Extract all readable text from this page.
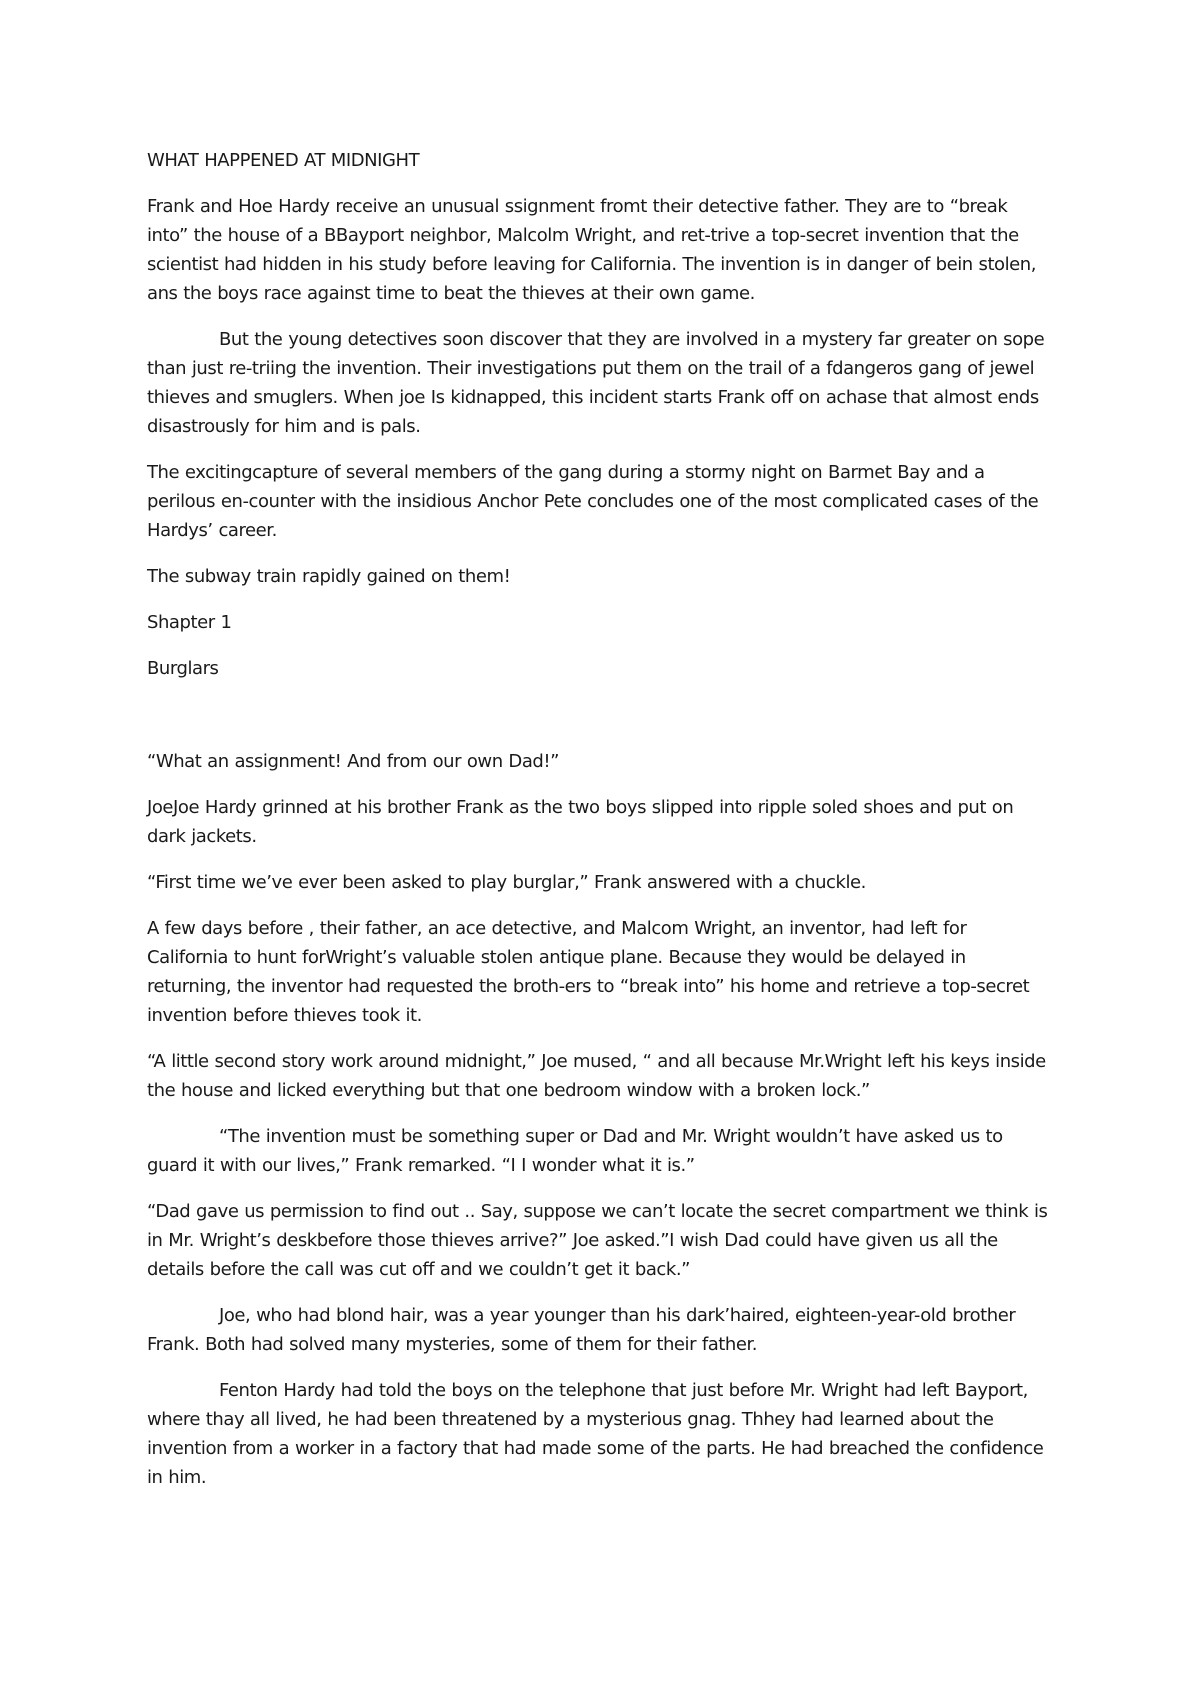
WHAT HAPPENED AT MIDNIGHT

Frank and Hoe Hardy receive an unusual ssignment fromt their detective father. They are to “break into” the house of a BBayport neighbor, Malcolm Wright, and ret-trive a top-secret invention that the scientist had hidden in his study before leaving for California. The invention is in danger of bein stolen, ans the boys race against time to beat the thieves at their own game.

But the young detectives soon discover that they are involved in a mystery far greater on sope than just re-triing the invention. Their investigations put them on the trail of a fdangeros gang of jewel thieves and smuglers. When joe Is kidnapped, this incident starts Frank off on achase that almost ends disastrously for him and is pals.

The excitingcapture of several members of the gang during a stormy night on Barmet Bay and a perilous en-counter with the insidious Anchor Pete concludes one of the most complicated cases of the Hardys’ career.

The subway train rapidly gained on them!

Shapter 1

Burglars

“What an assignment! And from our own Dad!”

JoeJoe Hardy grinned at his brother Frank as the two boys slipped into ripple soled shoes and put on dark jackets.

“First time we’ve ever been asked to play burglar,” Frank answered with a chuckle.

A few days before , their father, an ace detective, and Malcom Wright, an inventor, had left for California to hunt forWright’s valuable stolen antique plane. Because they would be delayed in returning, the inventor had requested the broth-ers to “break into” his home and retrieve a top-secret invention before thieves took it.

“A little second story work around midnight,” Joe mused, “ and all because Mr.Wright left his keys inside the house and licked everything but that one bedroom window with a broken lock.”

“The invention must be something super or Dad and Mr. Wright wouldn’t have asked us to guard it with our lives,” Frank remarked. “I I wonder what it is.”

“Dad gave us permission to find out .. Say, suppose we can’t locate the secret compartment we think is in Mr. Wright’s deskbefore those thieves arrive?” Joe asked.”I wish Dad could have given us all the details before the call was cut off and we couldn’t get it back.”

Joe, who had blond hair, was a year younger than his dark’haired, eighteen-year-old brother Frank. Both had solved many mysteries, some of them for their father.

Fenton Hardy had told the boys on the telephone that just before Mr. Wright had left Bayport, where thay all lived, he had been threatened by a mysterious gnag. Thhey had learned about the invention from a worker in a factory that had made some of the parts. He had breached the confidence in him.
